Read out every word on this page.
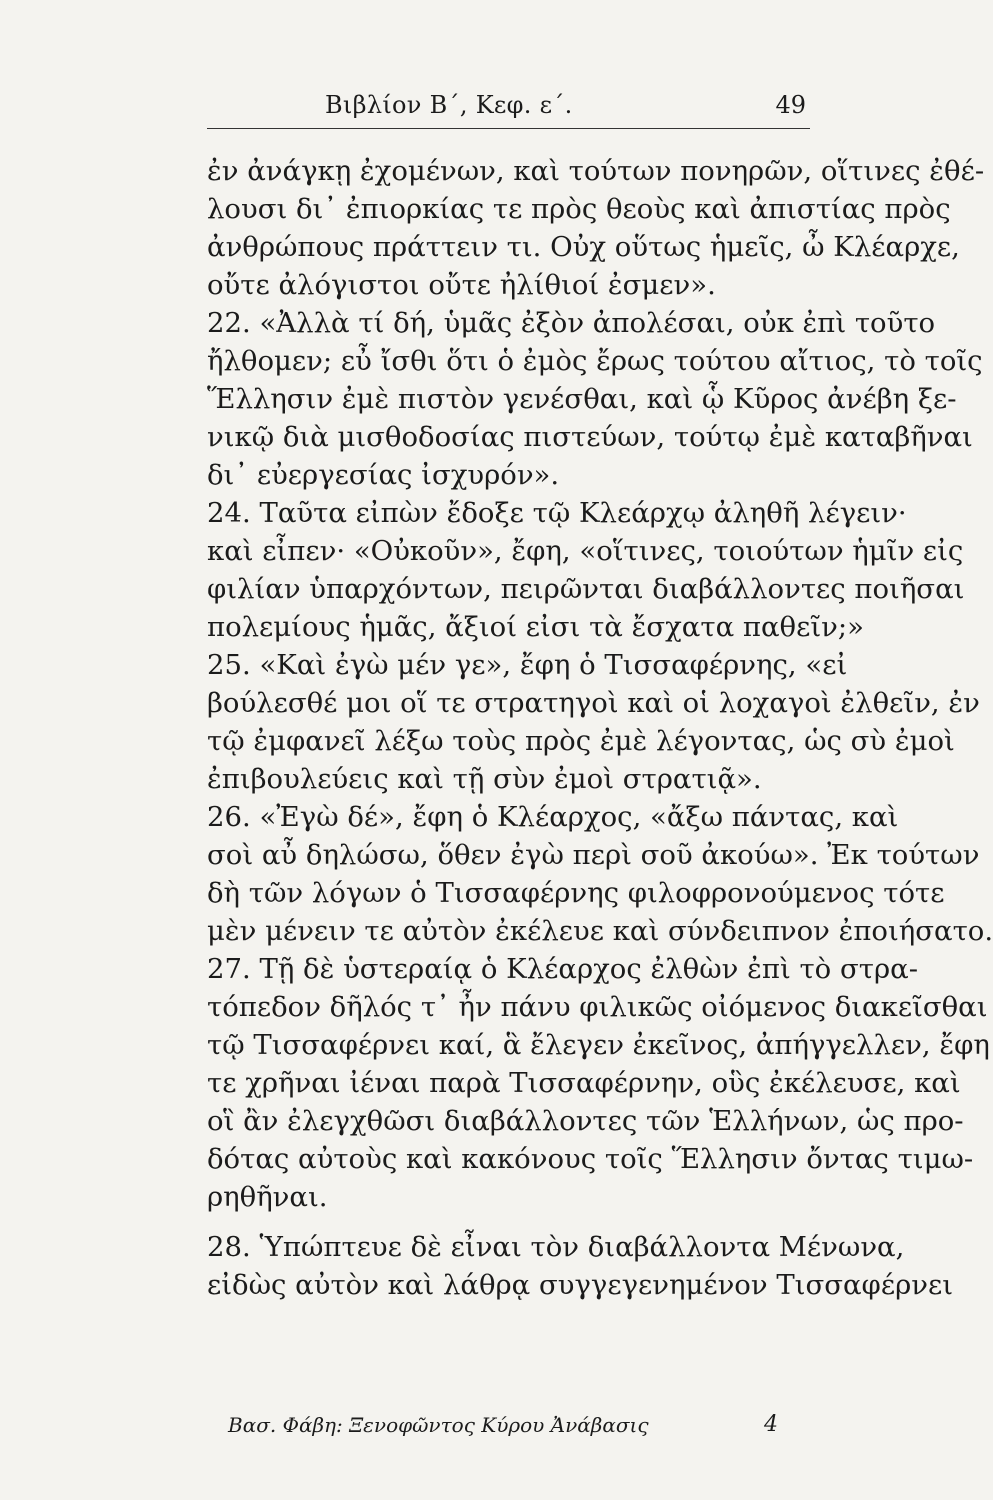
Βιβλίον Β΄, Κεφ. ε΄.	49
ἐν ἀνάγκῃ ἐχομένων, καὶ τούτων πονηρῶν, οἵτινες ἐθέ-
λουσι δι᾿ ἐπιορκίας τε πρὸς θεοὺς καὶ ἀπιστίας πρὸς
ἀνθρώπους πράττειν τι. Οὐχ οὕτως ἡμεῖς, ὦ Κλέαρχε,
οὔτε ἀλόγιστοι οὔτε ἠλίθιοί ἐσμεν».
22. «Ἀλλὰ τί δή, ὑμᾶς ἐξὸν ἀπολέσαι, οὐκ ἐπὶ τοῦτο
ἤλθομεν; εὖ ἴσθι ὅτι ὁ ἐμὸς ἔρως τούτου αἴτιος, τὸ τοῖς
Ἕλλησιν ἐμὲ πιστὸν γενέσθαι, καὶ ᾧ Κῦρος ἀνέβη ξε-
νικῷ διὰ μισθοδοσίας πιστεύων, τούτῳ ἐμὲ καταβῆναι
δι᾿ εὐεργεσίας ἰσχυρόν».
24. Ταῦτα εἰπὼν ἔδοξε τῷ Κλεάρχῳ ἀληθῆ λέγειν·
καὶ εἶπεν· «Οὐκοῦν», ἔφη, «οἵτινες, τοιούτων ἡμῖν εἰς
φιλίαν ὑπαρχόντων, πειρῶνται διαβάλλοντες ποιῆσαι
πολεμίους ἡμᾶς, ἄξιοί εἰσι τὰ ἔσχατα παθεῖν;»
25. «Καὶ ἐγὼ μέν γε», ἔφη ὁ Τισσαφέρνης, «εἰ
βούλεσθέ μοι οἵ τε στρατηγοὶ καὶ οἱ λοχαγοὶ ἐλθεῖν, ἐν
τῷ ἐμφανεῖ λέξω τοὺς πρὸς ἐμὲ λέγοντας, ὡς σὺ ἐμοὶ
ἐπιβουλεύεις καὶ τῇ σὺν ἐμοὶ στρατιᾷ».
26. «Ἐγὼ δέ», ἔφη ὁ Κλέαρχος, «ἄξω πάντας, καὶ
σοὶ αὖ δηλώσω, ὅθεν ἐγὼ περὶ σοῦ ἀκούω». Ἐκ τούτων
δὴ τῶν λόγων ὁ Τισσαφέρνης φιλοφρονούμενος τότε
μὲν μένειν τε αὐτὸν ἐκέλευε καὶ σύνδειπνον ἐποιήσατο.
27. Τῇ δὲ ὑστεραίᾳ ὁ Κλέαρχος ἐλθὼν ἐπὶ τὸ στρα-
τόπεδον δῆλός τ᾿ ἦν πάνυ φιλικῶς οἰόμενος διακεῖσθαι
τῷ Τισσαφέρνει καί, ἃ ἔλεγεν ἐκεῖνος, ἀπήγγελλεν, ἔφη
τε χρῆναι ἰέναι παρὰ Τισσαφέρνην, οὓς ἐκέλευσε, καὶ
οἳ ἂν ἐλεγχθῶσι διαβάλλοντες τῶν Ἑλλήνων, ὡς προ-
δότας αὐτοὺς καὶ κακόνους τοῖς Ἕλλησιν ὄντας τιμω-
ρηθῆναι.
28. Ὑπώπτευε δὲ εἶναι τὸν διαβάλλοντα Μένωνα,
εἰδὼς αὐτὸν καὶ λάθρᾳ συγγεγενημένον Τισσαφέρνει
Βασ. Φάβη: Ξενοφῶντος Κύρου Ἀνάβασις	4
